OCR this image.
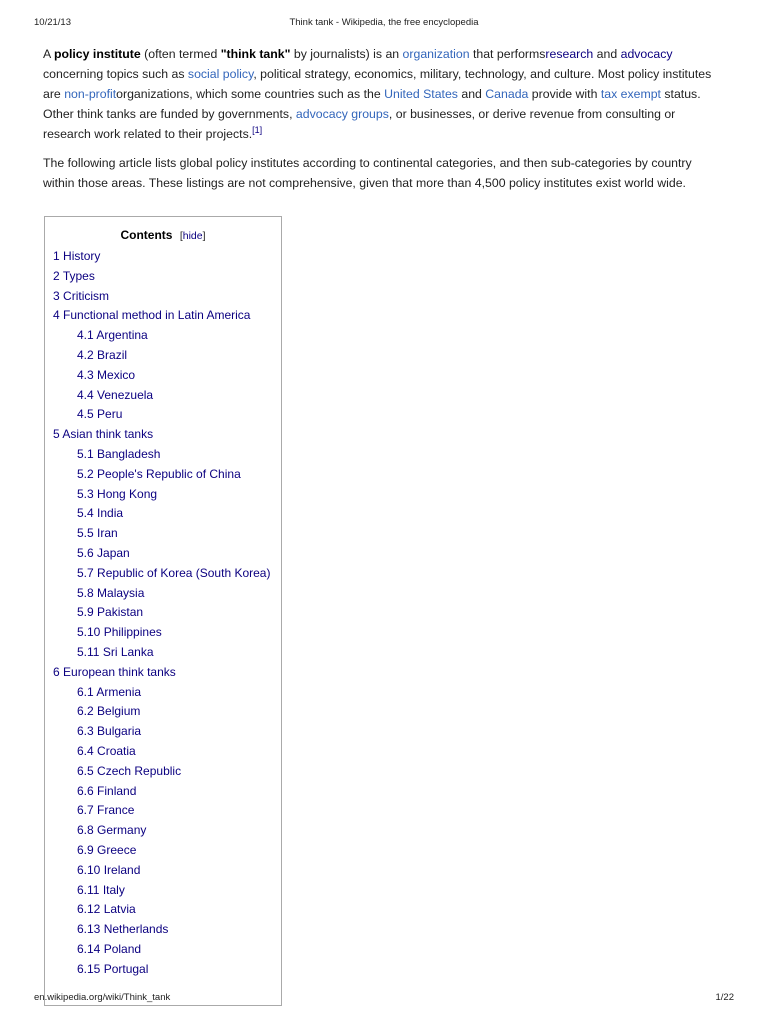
10/21/13	Think tank - Wikipedia, the free encyclopedia

A policy institute (often termed "think tank" by journalists) is an organization that performsresearch and advocacy concerning topics such as social policy, political strategy, economics, military, technology, and culture. Most policy institutes are non-profitorganizations, which some countries such as the United States and Canada provide with tax exempt status. Other think tanks are funded by governments, advocacy groups, or businesses, or derive revenue from consulting or research work related to their projects.[1]

The following article lists global policy institutes according to continental categories, and then sub-categories by country within those areas. These listings are not comprehensive, given that more than 4,500 policy institutes exist world wide.

Contents [hide]
1 History
2 Types
3 Criticism
4 Functional method in Latin America
4.1 Argentina
4.2 Brazil
4.3 Mexico
4.4 Venezuela
4.5 Peru
5 Asian think tanks
5.1 Bangladesh
5.2 People's Republic of China
5.3 Hong Kong
5.4 India
5.5 Iran
5.6 Japan
5.7 Republic of Korea (South Korea)
5.8 Malaysia
5.9 Pakistan
5.10 Philippines
5.11 Sri Lanka
6 European think tanks
6.1 Armenia
6.2 Belgium
6.3 Bulgaria
6.4 Croatia
6.5 Czech Republic
6.6 Finland
6.7 France
6.8 Germany
6.9 Greece
6.10 Ireland
6.11 Italy
6.12 Latvia
6.13 Netherlands
6.14 Poland
6.15 Portugal
en.wikipedia.org/wiki/Think_tank	1/22
